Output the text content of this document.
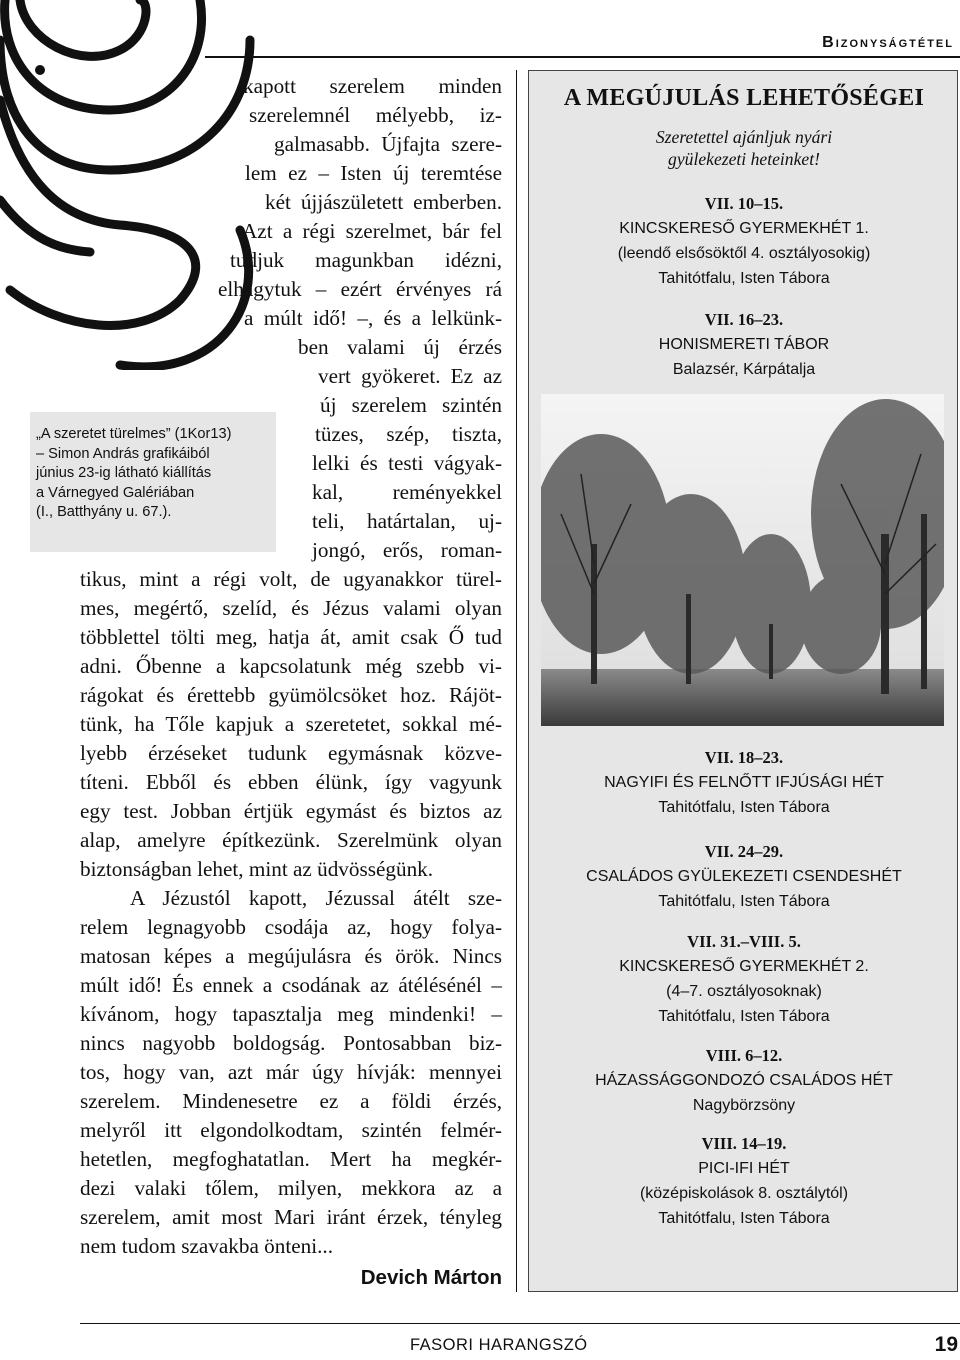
Bizonyságtétel
„A szeretet türelmes” (1Kor13)
– Simon András grafikáiból
június 23-ig látható kiállítás
a Várnegyed Galériában
(I., Batthyány u. 67.).
kapott szerelem minden
szerelemnél mélyebb, iz-
galmasabb. Újfajta szere-
lem ez – Isten új teremtése
két újjászületett emberben.
Azt a régi szerelmet, bár fel
tudjuk magunkban idézni,
elhagytuk – ezért érvényes rá
a múlt idő! –, és a lelkünk-
ben valami új érzés
vert gyökeret. Ez az
új szerelem szintén
tüzes, szép, tiszta,
lelki és testi vágyak-
kal, reményekkel
teli, határtalan, uj-
jongó, erős, roman-
tikus, mint a régi volt, de ugyanakkor türel-
mes, megértő, szelíd, és Jézus valami olyan
többlettel tölti meg, hatja át, amit csak Ő tud
adni. Őbenne a kapcsolatunk még szebb vi-
rágokat és érettebb gyümölcsöket hoz. Rájöt-
tünk, ha Tőle kapjuk a szeretetet, sokkal mé-
lyebb érzéseket tudunk egymásnak közve-
títeni. Ebből és ebben élünk, így vagyunk
egy test. Jobban értjük egymást és biztos az
alap, amelyre építkezünk. Szerelmünk olyan
biztonságban lehet, mint az üdvösségünk.
A Jézustól kapott, Jézussal átélt sze-
relem legnagyobb csodája az, hogy folya-
matosan képes a megújulásra és örök. Nincs
múlt idő! És ennek a csodának az átélésénél –
kívánom, hogy tapasztalja meg mindenki! –
nincs nagyobb boldogság. Pontosabban biz-
tos, hogy van, azt már úgy hívják: mennyei
szerelem. Mindenesetre ez a földi érzés,
melyről itt elgondolkodtam, szintén felmér-
hetetlen, megfoghatatlan. Mert ha megkér-
dezi valaki tőlem, milyen, mekkora az a
szerelem, amit most Mari iránt érzek, tényleg
nem tudom szavakba önteni...
Devich Márton
A MEGÚJULÁS LEHETŐSÉGEI
Szeretettel ajánljuk nyári
gyülekezeti heteinket!
VII. 10–15.
KINCSKERESŐ GYERMEKHÉT 1.
(leendő elsősöktől 4. osztályosokig)
Tahitótfalu, Isten Tábora
VII. 16–23.
HONISMERETI TÁBOR
Balazsér, Kárpátalja
VII. 18–23.
NAGYIFI ÉS FELNŐTT IFJÚSÁGI HÉT
Tahitótfalu, Isten Tábora
VII. 24–29.
CSALÁDOS GYÜLEKEZETI CSENDESHÉT
Tahitótfalu, Isten Tábora
VII. 31.–VIII. 5.
KINCSKERESŐ GYERMEKHÉT 2.
(4–7. osztályosoknak)
Tahitótfalu, Isten Tábora
VIII. 6–12.
HÁZASSÁGGONDOZÓ CSALÁDOS HÉT
Nagybörzsöny
VIII. 14–19.
PICI-IFI HÉT
(középiskolások 8. osztálytól)
Tahitótfalu, Isten Tábora
FASORI HARANGSZÓ	19
